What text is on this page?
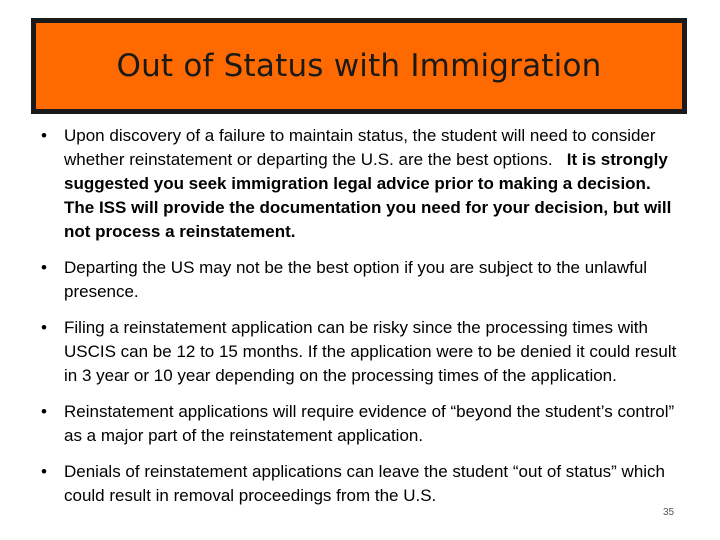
Out of Status with Immigration
• Upon discovery of a failure to maintain status, the student will need to consider whether reinstatement or departing the U.S. are the best options.   It is strongly suggested you seek immigration legal advice prior to making a decision.  The ISS will provide the documentation you need for your decision, but will not process a reinstatement.
• Departing the US may not be the best option if you are subject to the unlawful presence.
• Filing a reinstatement application can be risky since the processing times with USCIS can be 12 to 15 months. If the application were to be denied it could result in 3 year or 10 year depending on the processing times of the application.
• Reinstatement applications will require evidence of “beyond the student’s control” as a major part of the reinstatement application.
• Denials of reinstatement applications can leave the student “out of status” which could result in removal proceedings from the U.S.
35
